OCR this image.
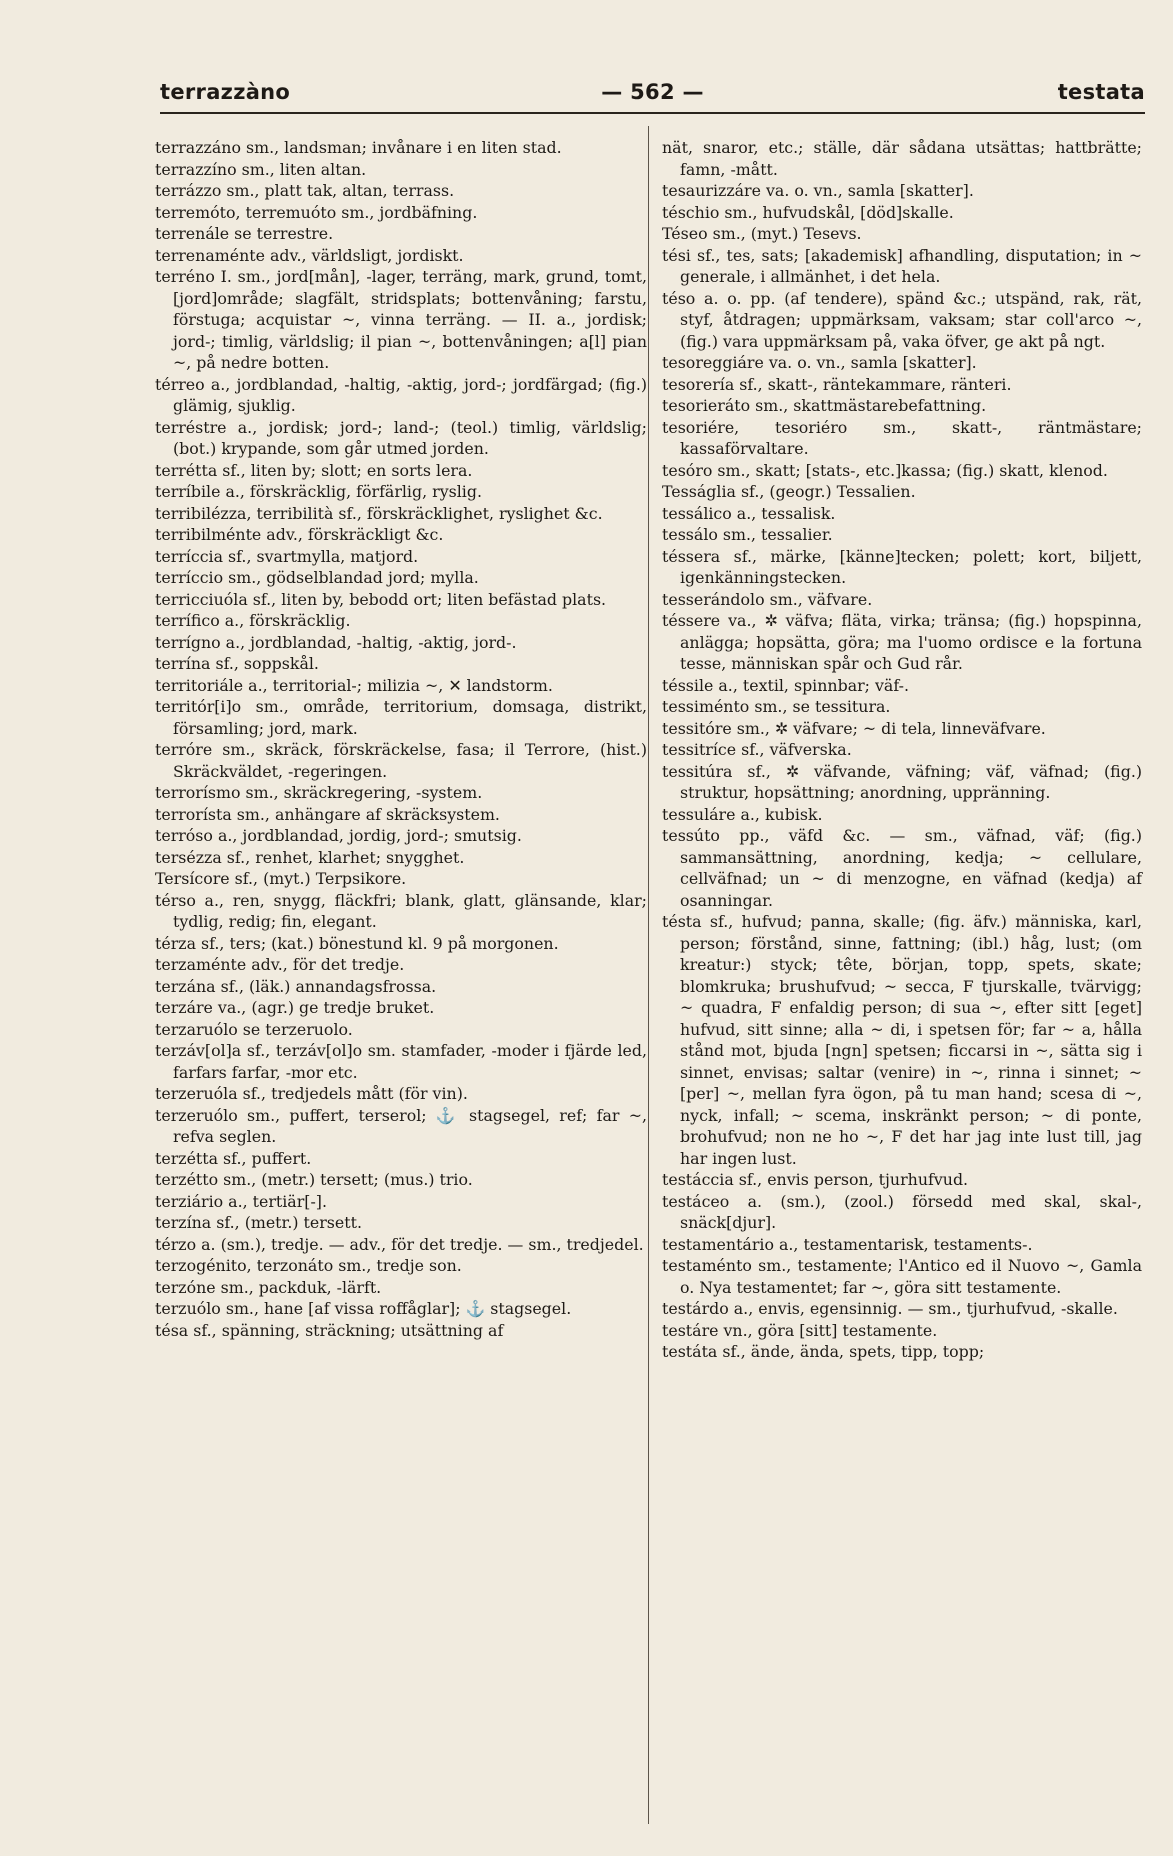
terrazzàno	— 562 —	testata

terrazzáno sm., landsman; invånare i en liten stad.

terrazzíno sm., liten altan.

terrázzo sm., platt tak, altan, terrass.

terremóto, terremuóto sm., jordbäfning.

terrenále se terrestre.

terrenaménte adv., världsligt, jordiskt.

terréno I. sm., jord[mån], -lager, terräng, mark, grund, tomt, [jord]område; slagfält, stridsplats; bottenvåning; farstu, förstuga; acquistar ~, vinna terräng. — II. a., jordisk; jord-; timlig, världslig; il pian ~, bottenvåningen; a[l] pian ~, på nedre botten.

térreo a., jordblandad, -haltig, -aktig, jord-; jordfärgad; (fig.) glämig, sjuklig.

terréstre a., jordisk; jord-; land-; (teol.) timlig, världslig; (bot.) krypande, som går utmed jorden.

terrétta sf., liten by; slott; en sorts lera.

terríbile a., förskräcklig, förfärlig, ryslig.

terribilézza, terribilità sf., förskräcklighet, ryslighet &c.

terribilménte adv., förskräckligt &c.

terríccia sf., svartmylla, matjord.

terríccio sm., gödselblandad jord; mylla.

terricciuóla sf., liten by, bebodd ort; liten befästad plats.

terrífico a., förskräcklig.

terrígno a., jordblandad, -haltig, -aktig, jord-.

terrína sf., soppskål.

territoriále a., territorial-; milizia ~, ✕ landstorm.

territór[i]o sm., område, territorium, domsaga, distrikt, församling; jord, mark.

terróre sm., skräck, förskräckelse, fasa; il Terrore, (hist.) Skräckväldet, -regeringen.

terrorísmo sm., skräckregering, -system.

terrorísta sm., anhängare af skräcksystem.

terróso a., jordblandad, jordig, jord-; smutsig.

tersézza sf., renhet, klarhet; snygghet.

Tersícore sf., (myt.) Terpsikore.

térso a., ren, snygg, fläckfri; blank, glatt, glänsande, klar; tydlig, redig; fin, elegant.

térza sf., ters; (kat.) bönestund kl. 9 på morgonen.

terzaménte adv., för det tredje.

terzána sf., (läk.) annandagsfrossa.

terzáre va., (agr.) ge tredje bruket.

terzaruólo se terzeruolo.

terzáv[ol]a sf., terzáv[ol]o sm. stamfader, -moder i fjärde led, farfars farfar, -mor etc.

terzeruóla sf., tredjedels mått (för vin).

terzeruólo sm., puffert, terserol; ⚓ stagsegel, ref; far ~, refva seglen.

terzétta sf., puffert.

terzétto sm., (metr.) tersett; (mus.) trio.

terziário a., tertiär[-].

terzína sf., (metr.) tersett.

térzo a. (sm.), tredje. — adv., för det tredje. — sm., tredjedel.

terzogénito, terzonáto sm., tredje son.

terzóne sm., packduk, -lärft.

terzuólo sm., hane [af vissa roffåglar]; ⚓ stagsegel.

tésa sf., spänning, sträckning; utsättning af

nät, snaror, etc.; ställe, där sådana utsättas; hattbrätte; famn, -mått.

tesaurizzáre va. o. vn., samla [skatter].

téschio sm., hufvudskål, [död]skalle.

Téseo sm., (myt.) Tesevs.

tési sf., tes, sats; [akademisk] afhandling, disputation; in ~ generale, i allmänhet, i det hela.

téso a. o. pp. (af tendere), spänd &c.; utspänd, rak, rät, styf, åtdragen; uppmärksam, vaksam; star coll'arco ~, (fig.) vara uppmärksam på, vaka öfver, ge akt på ngt.

tesoreggiáre va. o. vn., samla [skatter].

tesorería sf., skatt-, räntekammare, ränteri.

tesorieráto sm., skattmästarebefattning.

tesoriére, tesoriéro sm., skatt-, räntmästare; kassaförvaltare.

tesóro sm., skatt; [stats-, etc.]kassa; (fig.) skatt, klenod.

Tesságlia sf., (geogr.) Tessalien.

tessálico a., tessalisk.

tessálo sm., tessalier.

téssera sf., märke, [känne]tecken; polett; kort, biljett, igenkänningstecken.

tesserándolo sm., väfvare.

téssere va., ✲ väfva; fläta, virka; tränsa; (fig.) hopspinna, anlägga; hopsätta, göra; ma l'uomo ordisce e la fortuna tesse, människan spår och Gud rår.

téssile a., textil, spinnbar; väf-.

tessiménto sm., se tessitura.

tessitóre sm., ✲ väfvare; ~ di tela, linneväfvare.

tessitríce sf., väfverska.

tessitúra sf., ✲ väfvande, väfning; väf, väfnad; (fig.) struktur, hopsättning; anordning, uppränning.

tessuláre a., kubisk.

tessúto pp., väfd &c. — sm., väfnad, väf; (fig.) sammansättning, anordning, kedja; ~ cellulare, cellväfnad; un ~ di menzogne, en väfnad (kedja) af osanningar.

tésta sf., hufvud; panna, skalle; (fig. äfv.) människa, karl, person; förstånd, sinne, fattning; (ibl.) håg, lust; (om kreatur:) styck; tête, början, topp, spets, skate; blomkruka; brushufvud; ~ secca, F tjurskalle, tvärvigg; ~ quadra, F enfaldig person; di sua ~, efter sitt [eget] hufvud, sitt sinne; alla ~ di, i spetsen för; far ~ a, hålla stånd mot, bjuda [ngn] spetsen; ficcarsi in ~, sätta sig i sinnet, envisas; saltar (venire) in ~, rinna i sinnet; ~ [per] ~, mellan fyra ögon, på tu man hand; scesa di ~, nyck, infall; ~ scema, inskränkt person; ~ di ponte, brohufvud; non ne ho ~, F det har jag inte lust till, jag har ingen lust.

testáccia sf., envis person, tjurhufvud.

testáceo a. (sm.), (zool.) försedd med skal, skal-, snäck[djur].

testamentário a., testamentarisk, testaments-.

testaménto sm., testamente; l'Antico ed il Nuovo ~, Gamla o. Nya testamentet; far ~, göra sitt testamente.

testárdo a., envis, egensinnig. — sm., tjurhufvud, -skalle.

testáre vn., göra [sitt] testamente.

testáta sf., ände, ända, spets, tipp, topp;
